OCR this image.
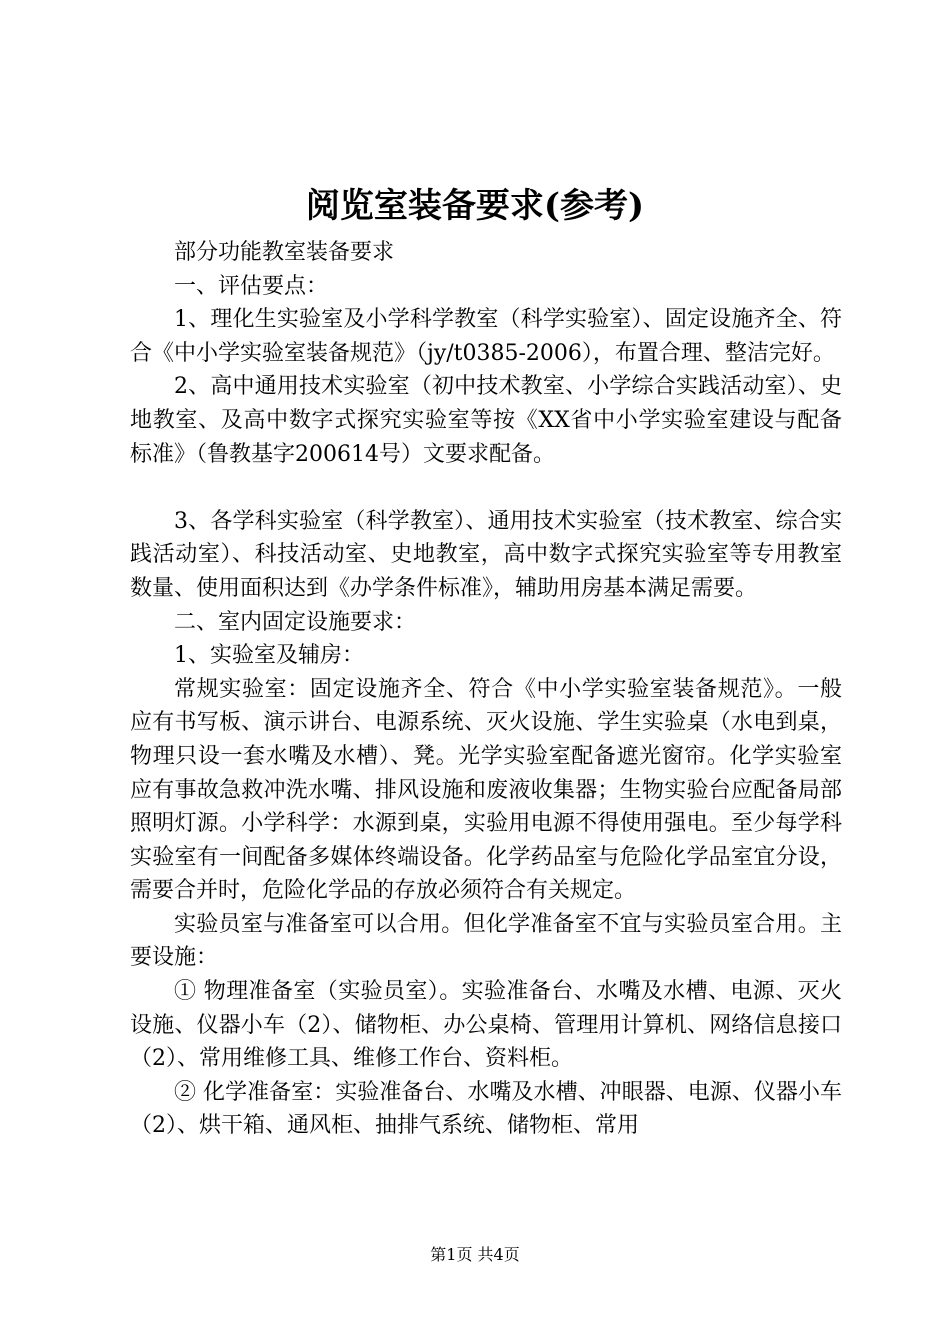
阅览室装备要求(参考)

部分功能教室装备要求

一、评估要点：

1、理化生实验室及小学科学教室（科学实验室）、固定设施齐全、符合《中小学实验室装备规范》（jy/t0385-2006），布置合理、整洁完好。

2、高中通用技术实验室（初中技术教室、小学综合实践活动室）、史地教室、及高中数字式探究实验室等按《XX省中小学实验室建设与配备标准》（鲁教基字200614号）文要求配备。

3、各学科实验室（科学教室）、通用技术实验室（技术教室、综合实践活动室）、科技活动室、史地教室，高中数字式探究实验室等专用教室数量、使用面积达到《办学条件标准》，辅助用房基本满足需要。

二、室内固定设施要求：

1、实验室及辅房：

常规实验室：固定设施齐全、符合《中小学实验室装备规范》。一般应有书写板、演示讲台、电源系统、灭火设施、学生实验桌（水电到桌，物理只设一套水嘴及水槽）、凳。光学实验室配备遮光窗帘。化学实验室应有事故急救冲洗水嘴、排风设施和废液收集器；生物实验台应配备局部照明灯源。小学科学：水源到桌，实验用电源不得使用强电。至少每学科实验室有一间配备多媒体终端设备。化学药品室与危险化学品室宜分设，需要合并时，危险化学品的存放必须符合有关规定。

实验员室与准备室可以合用。但化学准备室不宜与实验员室合用。主要设施：

① 物理准备室（实验员室）。实验准备台、水嘴及水槽、电源、灭火设施、仪器小车（2）、储物柜、办公桌椅、管理用计算机、网络信息接口（2）、常用维修工具、维修工作台、资料柜。

② 化学准备室：实验准备台、水嘴及水槽、冲眼器、电源、仪器小车（2）、烘干箱、通风柜、抽排气系统、储物柜、常用

第1页 共4页
